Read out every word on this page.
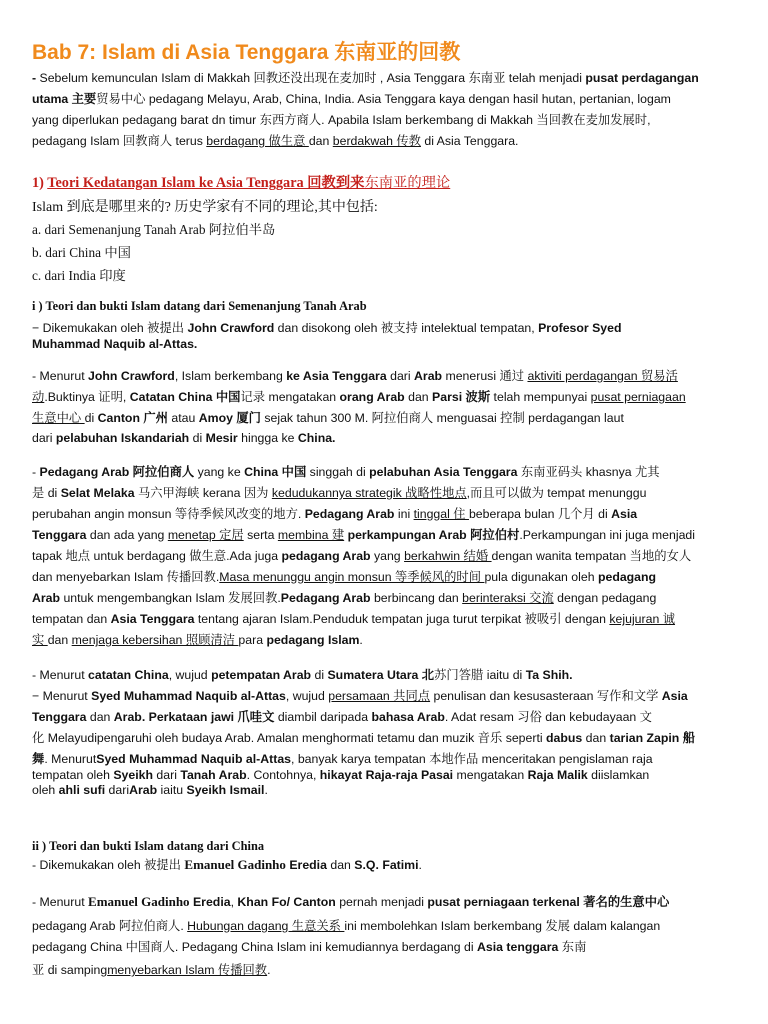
Bab 7: Islam di Asia Tenggara 东南亚的回教
- Sebelum kemunculan Islam di Makkah 回教还没出现在麦加时 , Asia Tenggara 东南亚 telah menjadi pusat perdagangan
utama 主要贸易中心 pedagang Melayu, Arab, China, India. Asia Tenggara kaya dengan hasil hutan, pertanian, logam
yang diperlukan pedagang barat dn timur 东西方商人. Apabila Islam berkembang di Makkah 当回教在麦加发展时,
pedagang Islam 回教商人 terus berdagang 做生意 dan berdakwah 传教 di Asia Tenggara.
1) Teori Kedatangan Islam ke Asia Tenggara 回教到来东南亚的理论
Islam 到底是哪里来的? 历史学家有不同的理论,其中包括:
a. dari Semenanjung Tanah Arab 阿拉伯半岛
b. dari China 中国
c. dari India 印度
i ) Teori dan bukti Islam datang dari Semenanjung Tanah Arab
− Dikemukakan oleh 被提出 John Crawford dan disokong oleh 被支持 intelektual tempatan, Profesor Syed
Muhammad Naquib al-Attas.
- Menurut John Crawford, Islam berkembang ke Asia Tenggara dari Arab menerusi 通过 aktiviti perdagangan 贸易活
动.Buktinya 证明, Catatan China 中国记录 mengatakan orang Arab dan Parsi 波斯 telah mempunyai pusat perniagaan
生意中心 di Canton 广州 atau Amoy 厦门 sejak tahun 300 M. 阿拉伯商人 menguasai 控制 perdagangan laut
dari pelabuhan Iskandariah di Mesir hingga ke China.
- Pedagang Arab 阿拉伯商人 yang ke China 中国 singgah di pelabuhan Asia Tenggara 东南亚码头 khasnya 尤其
是 di Selat Melaka 马六甲海峡 kerana 因为 kedudukannya strategik 战略性地点,而且可以做为 tempat menunggu
perubahan angin monsun 等待季候风改变的地方. Pedagang Arab ini tinggal 住 beberapa bulan 几个月 di Asia
Tenggara dan ada yang menetap 定居 serta membina 建 perkampungan Arab 阿拉伯村.Perkampungan ini juga menjadi
tapak 地点 untuk berdagang 做生意.Ada juga pedagang Arab yang berkahwin 结婚 dengan wanita tempatan 当地的女人
dan menyebarkan Islam 传播回教.Masa menunggu angin monsun 等季候风的时间 pula digunakan oleh pedagang
Arab untuk mengembangkan Islam 发展回教.Pedagang Arab berbincang dan berinteraksi 交流 dengan pedagang
tempatan dan Asia Tenggara tentang ajaran Islam.Penduduk tempatan juga turut terpikat 被吸引 dengan kejujuran 诚
实 dan menjaga kebersihan 照顾清洁 para pedagang Islam.
- Menurut catatan China, wujud petempatan Arab di Sumatera Utara 北苏门答腊 iaitu di Ta Shih.
− Menurut Syed Muhammad Naquib al-Attas, wujud persamaan 共同点 penulisan dan kesusasteraan 写作和文学 Asia
Tenggara dan Arab. Perkataan jawi 爪哇文 diambil daripada bahasa Arab. Adat resam 习俗 dan kebudayaan 文
化 Melayudipengaruhi oleh budaya Arab. Amalan menghormati tetamu dan muzik 音乐 seperti dabus dan tarian Zapin 船
舞. MenurutSyed Muhammad Naquib al-Attas, banyak karya tempatan 本地作品 menceritakan pengislaman raja
tempatan oleh Syeikh dari Tanah Arab. Contohnya, hikayat Raja-raja Pasai mengatakan Raja Malik diislamkan
oleh ahli sufi dariArab iaitu Syeikh Ismail.
ii ) Teori dan bukti Islam datang dari China
- Dikemukakan oleh 被提出 Emanuel Gadinho Eredia dan S.Q. Fatimi.
- Menurut Emanuel Gadinho Eredia, Khan Fo/ Canton pernah menjadi pusat perniagaan terkenal 著名的生意中心
pedagang Arab 阿拉伯商人. Hubungan dagang 生意关系 ini membolehkan Islam berkembang 发展 dalam kalangan
pedagang China 中国商人. Pedagang China Islam ini kemudiannya berdagang di Asia tenggara 东南
亚 di sampingmenyebarkan Islam 传播回教.
